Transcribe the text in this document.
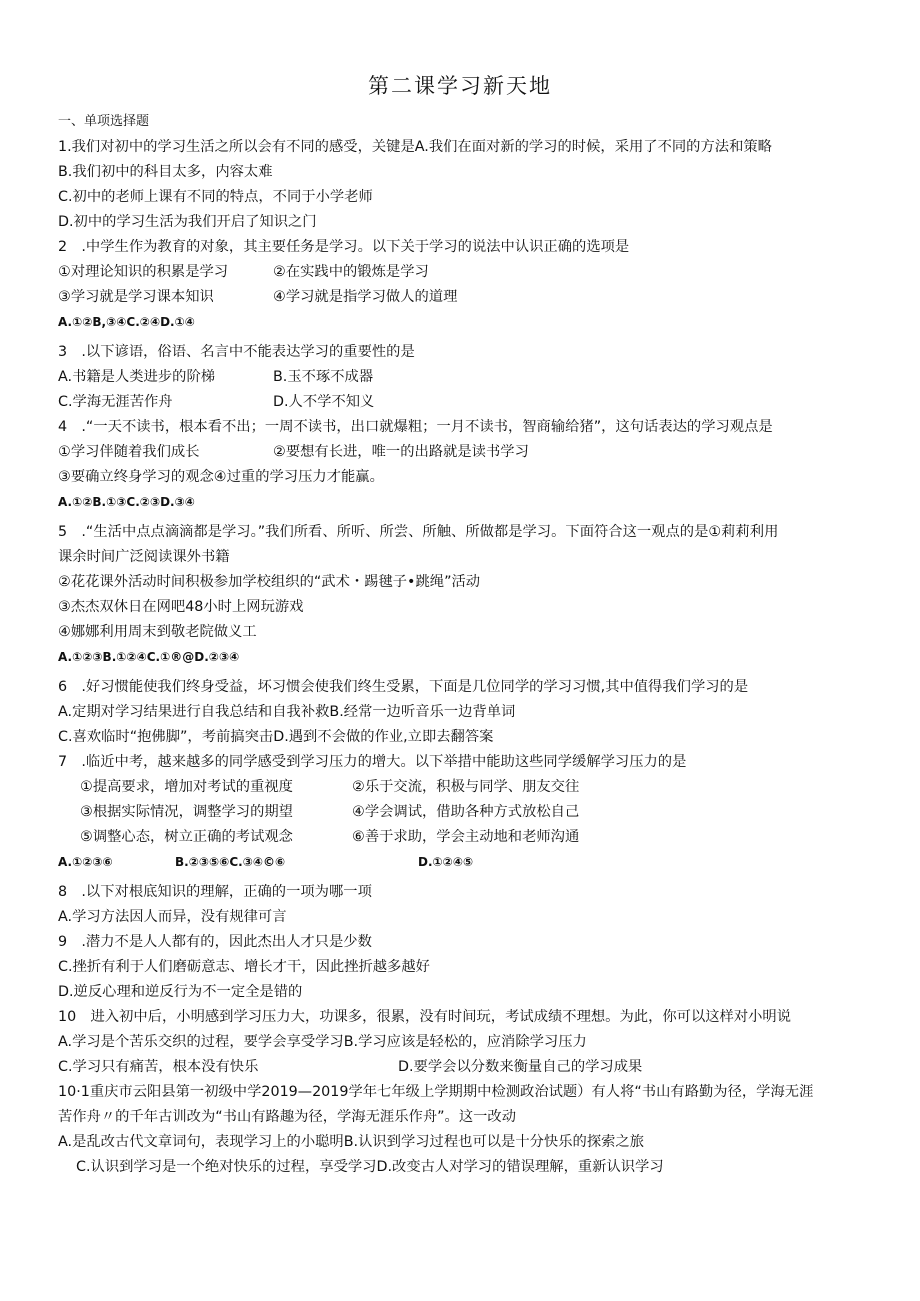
第二课学习新天地
一、单项选择题
1.我们对初中的学习生活之所以会有不同的感受，关键是A.我们在面对新的学习的时候，采用了不同的方法和策略
B.我们初中的科目太多，内容太难
C.初中的老师上课有不同的特点，不同于小学老师
D.初中的学习生活为我们开启了知识之门
2　.中学生作为教育的对象，其主要任务是学习。以下关于学习的说法中认识正确的选项是
①对理论知识的积累是学习	②在实践中的锻炼是学习
③学习就是学习课本知识	④学习就是指学习做人的道理
A.①②B,③④C.②④D.①④
3　.以下谚语，俗语、名言中不能表达学习的重要性的是
A.书籍是人类进步的阶梯	B.玉不琢不成器
C.学海无涯苦作舟	D.人不学不知义
4　.“一天不读书，根本看不出；一周不读书，出口就爆粗；一月不读书，智商输给猪”，这句话表达的学习观点是
①学习伴随着我们成长	②要想有长进，唯一的出路就是读书学习
③要确立终身学习的观念④过重的学习压力才能赢。
A.①②B.①③C.②③D.③④
5　.“生活中点点滴滴都是学习。”我们所看、所听、所尝、所触、所做都是学习。下面符合这一观点的是①莉莉利用
课余时间广泛阅读课外书籍
②花花课外活动时间积极参加学校组织的“武术・踢毽子•跳绳”活动
③杰杰双休日在网吧48小时上网玩游戏
④娜娜利用周末到敬老院做义工
A.①②③B.①②④C.①®@D.②③④
6　.好习惯能使我们终身受益，坏习惯会使我们终生受累，下面是几位同学的学习习惯,其中值得我们学习的是
A.定期对学习结果进行自我总结和自我补救B.经常一边听音乐一边背单词
C.喜欢临时“抱佛脚”，考前搞突击D.遇到不会做的作业,立即去翻答案
7　.临近中考，越来越多的同学感受到学习压力的增大。以下举措中能助这些同学缓解学习压力的是
①提高要求，增加对考试的重视度	②乐于交流，积极与同学、朋友交往
③根据实际情况，调整学习的期望	④学会调试，借助各种方式放松自己
⑤调整心态，树立正确的考试观念	⑥善于求助，学会主动地和老师沟通
A.①②③⑥	B.②③⑤⑥C.③④©⑥	D.①②④⑤
8　.以下对根底知识的理解，正确的一项为哪一项
A.学习方法因人而异，没有规律可言
9　.潜力不是人人都有的，因此杰出人才只是少数
C.挫折有利于人们磨砺意志、增长才干，因此挫折越多越好
D.逆反心理和逆反行为不一定全是错的
10　进入初中后，小明感到学习压力大，功课多，很累，没有时间玩，考试成绩不理想。为此，你可以这样对小明说
A.学习是个苦乐交织的过程，要学会享受学习B.学习应该是轻松的，应消除学习压力
C.学习只有痛苦，根本没有快乐	D.要学会以分数来衡量自己的学习成果
10·1重庆市云阳县第一初级中学2019—2019学年七年级上学期期中检测政治试题）有人将“书山有路勤为径，学海无涯
苦作舟〃的千年古训改为“书山有路趣为径，学海无涯乐作舟”。这一改动
A.是乱改古代文章词句，表现学习上的小聪明B.认识到学习过程也可以是十分快乐的探索之旅
C.认识到学习是一个绝对快乐的过程，享受学习D.改变古人对学习的错误理解，重新认识学习
